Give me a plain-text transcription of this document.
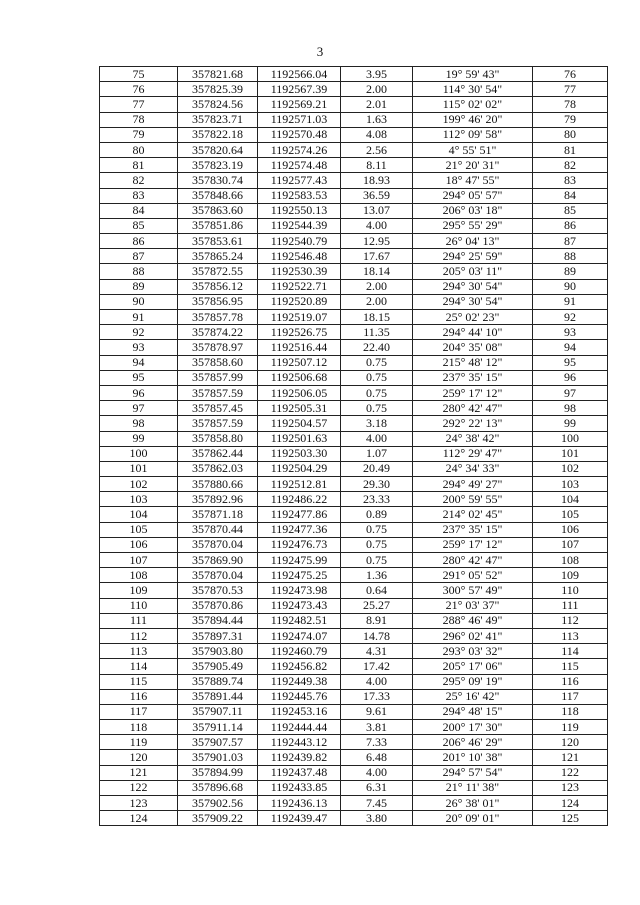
3
75	357821.68	1192566.04	3.95	19° 59' 43"	76
76	357825.39	1192567.39	2.00	114° 30' 54"	77
77	357824.56	1192569.21	2.01	115° 02' 02"	78
78	357823.71	1192571.03	1.63	199° 46' 20"	79
79	357822.18	1192570.48	4.08	112° 09' 58"	80
80	357820.64	1192574.26	2.56	4° 55' 51"	81
81	357823.19	1192574.48	8.11	21° 20' 31"	82
82	357830.74	1192577.43	18.93	18° 47' 55"	83
83	357848.66	1192583.53	36.59	294° 05' 57"	84
84	357863.60	1192550.13	13.07	206° 03' 18"	85
85	357851.86	1192544.39	4.00	295° 55' 29"	86
86	357853.61	1192540.79	12.95	26° 04' 13"	87
87	357865.24	1192546.48	17.67	294° 25' 59"	88
88	357872.55	1192530.39	18.14	205° 03' 11"	89
89	357856.12	1192522.71	2.00	294° 30' 54"	90
90	357856.95	1192520.89	2.00	294° 30' 54"	91
91	357857.78	1192519.07	18.15	25° 02' 23"	92
92	357874.22	1192526.75	11.35	294° 44' 10"	93
93	357878.97	1192516.44	22.40	204° 35' 08"	94
94	357858.60	1192507.12	0.75	215° 48' 12"	95
95	357857.99	1192506.68	0.75	237° 35' 15"	96
96	357857.59	1192506.05	0.75	259° 17' 12"	97
97	357857.45	1192505.31	0.75	280° 42' 47"	98
98	357857.59	1192504.57	3.18	292° 22' 13"	99
99	357858.80	1192501.63	4.00	24° 38' 42"	100
100	357862.44	1192503.30	1.07	112° 29' 47"	101
101	357862.03	1192504.29	20.49	24° 34' 33"	102
102	357880.66	1192512.81	29.30	294° 49' 27"	103
103	357892.96	1192486.22	23.33	200° 59' 55"	104
104	357871.18	1192477.86	0.89	214° 02' 45"	105
105	357870.44	1192477.36	0.75	237° 35' 15"	106
106	357870.04	1192476.73	0.75	259° 17' 12"	107
107	357869.90	1192475.99	0.75	280° 42' 47"	108
108	357870.04	1192475.25	1.36	291° 05' 52"	109
109	357870.53	1192473.98	0.64	300° 57' 49"	110
110	357870.86	1192473.43	25.27	21° 03' 37"	111
111	357894.44	1192482.51	8.91	288° 46' 49"	112
112	357897.31	1192474.07	14.78	296° 02' 41"	113
113	357903.80	1192460.79	4.31	293° 03' 32"	114
114	357905.49	1192456.82	17.42	205° 17' 06"	115
115	357889.74	1192449.38	4.00	295° 09' 19"	116
116	357891.44	1192445.76	17.33	25° 16' 42"	117
117	357907.11	1192453.16	9.61	294° 48' 15"	118
118	357911.14	1192444.44	3.81	200° 17' 30"	119
119	357907.57	1192443.12	7.33	206° 46' 29"	120
120	357901.03	1192439.82	6.48	201° 10' 38"	121
121	357894.99	1192437.48	4.00	294° 57' 54"	122
122	357896.68	1192433.85	6.31	21° 11' 38"	123
123	357902.56	1192436.13	7.45	26° 38' 01"	124
124	357909.22	1192439.47	3.80	20° 09' 01"	125
